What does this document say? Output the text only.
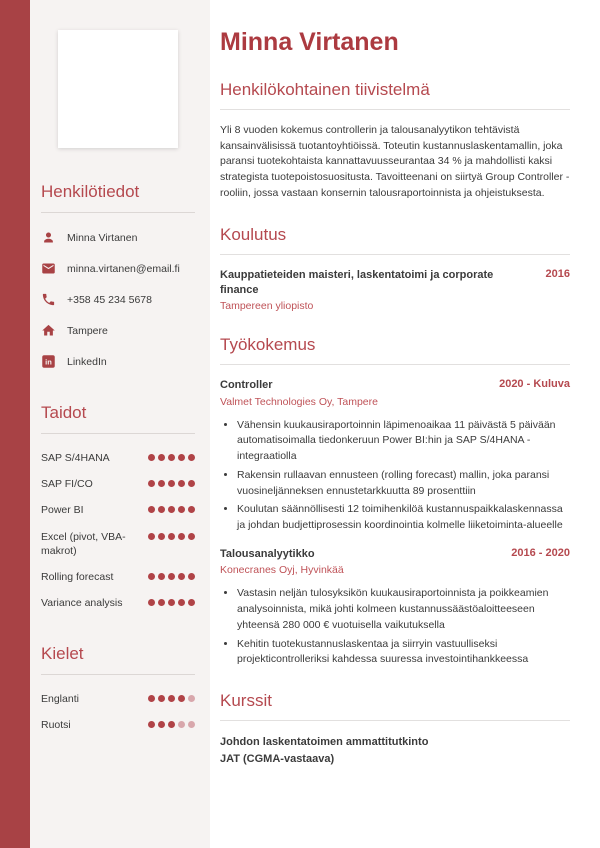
Henkilötiedot
Minna Virtanen
minna.virtanen@email.fi
+358 45 234 5678
Tampere
in LinkedIn
Taidot
SAP S/4HANA
SAP FI/CO
Power BI
Excel (pivot, VBA-makrot)
Rolling forecast
Variance analysis
Kielet
Englanti
Ruotsi
Minna Virtanen
Henkilökohtainen tiivistelmä

Yli 8 vuoden kokemus controllerin ja talousanalyytikon tehtävistä kansainvälisissä tuotantoyhtiöissä. Toteutin kustannuslaskentamallin, joka paransi tuotekohtaista kannattavuusseurantaa 34 % ja mahdollisti kaksi strategista tuotepoistosuositusta. Tavoitteenani on siirtyä Group Controller - rooliin, jossa vastaan konsernin talousraportoinnista ja ohjeistuksesta.

Koulutus
Kauppatieteiden maisteri, laskentatoimi ja corporate finance
2016
Tampereen yliopisto
Työkokemus
Controller	2020 - Kuluva
Valmet Technologies Oy, Tampere
• Vähensin kuukausiraportoinnin läpimenoaikaa 11 päivästä 5 päivään automatisoimalla tiedonkeruun Power BI:hin ja SAP S/4HANA - integraatiolla
• Rakensin rullaavan ennusteen (rolling forecast) mallin, joka paransi vuosineljänneksen ennustetarkkuutta 89 prosenttiin
• Koulutan säännöllisesti 12 toimihenkilöä kustannuspaikkalaskennassa ja johdan budjettiprosessin koordinointia kolmelle liiketoiminta-alueelle
Talousanalyytikko	2016 - 2020
Konecranes Oyj, Hyvinkää
• Vastasin neljän tulosyksikön kuukausiraportoinnista ja poikkeamien analysoinnista, mikä johti kolmeen kustannussäästöaloitteeseen yhteensä 280 000 € vuotuisella vaikutuksella
• Kehitin tuotekustannuslaskentaa ja siirryin vastuulliseksi projekticontrolleriksi kahdessa suuressa investointihankkeessa
Kurssit
Johdon laskentatoimen ammattitutkinto
JAT (CGMA-vastaava)
